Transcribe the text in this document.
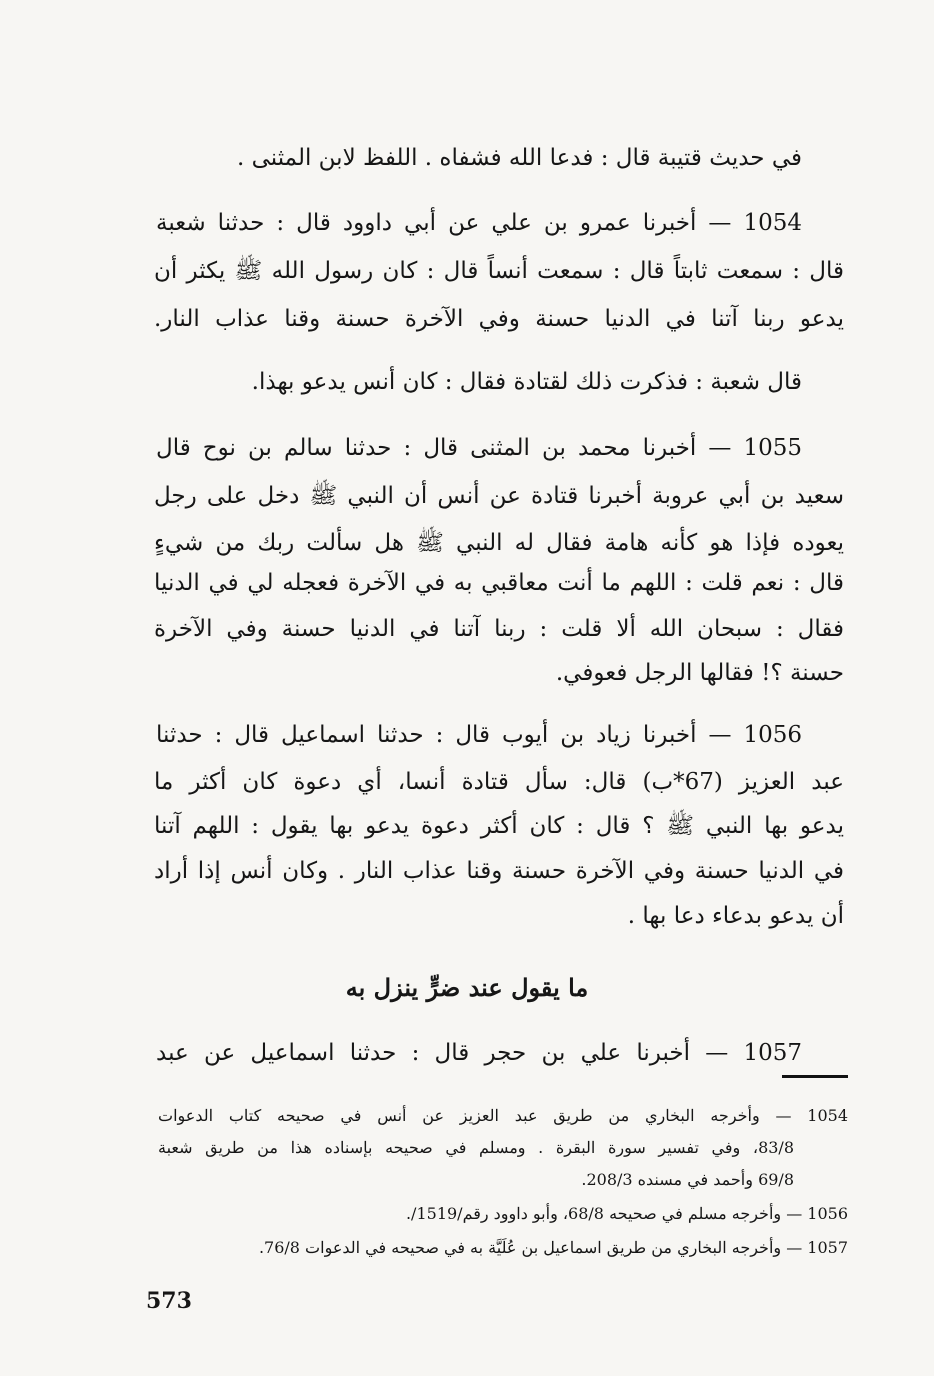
في حديث قتيبة قال : فدعا الله فشفاه . اللفظ لابن المثنى .
1054 — أخبرنا عمرو بن علي عن أبي داوود قال : حدثنا شعبة
قال : سمعت ثابتاً قال : سمعت أنساً قال : كان رسول الله ﷺ يكثر أن
يدعو ربنا آتنا في الدنيا حسنة وفي الآخرة حسنة وقنا عذاب النار.
قال شعبة : فذكرت ذلك لقتادة فقال : كان أنس يدعو بهذا.
1055 — أخبرنا محمد بن المثنى قال : حدثنا سالم بن نوح قال
سعيد بن أبي عروبة أخبرنا قتادة عن أنس أن النبي ﷺ دخل على رجل
يعوده فإذا هو كأنه هامة فقال له النبي ﷺ هل سألت ربك من شيءٍ
قال : نعم قلت : اللهم ما أنت معاقبي به في الآخرة فعجله لي في الدنيا
فقال : سبحان الله ألا قلت : ربنا آتنا في الدنيا حسنة وفي الآخرة
حسنة ؟! فقالها الرجل فعوفي.
1056 — أخبرنا زياد بن أيوب قال : حدثنا اسماعيل قال : حدثنا
عبد العزيز (67*ب) قال: سأل قتادة أنسا، أي دعوة كان أكثر ما
يدعو بها النبي ﷺ ؟ قال : كان أكثر دعوة يدعو بها يقول : اللهم آتنا
في الدنيا حسنة وفي الآخرة حسنة وقنا عذاب النار . وكان أنس إذا أراد
أن يدعو بدعاء دعا بها .
ما يقول عند ضرٍّ ينزل به
1057 — أخبرنا علي بن حجر قال : حدثنا اسماعيل عن عبد
1054 — وأخرجه البخاري من طريق عبد العزيز عن أنس في صحيحه كتاب الدعوات
83/8، وفي تفسير سورة البقرة . ومسلم في صحيحه بإسناده هذا من طريق شعبة
69/8 وأحمد في مسنده 208/3.
1056 — وأخرجه مسلم في صحيحه 68/8، وأبو داوود رقم/1519/.
1057 — وأخرجه البخاري من طريق اسماعيل بن عُلَيَّة به في صحيحه في الدعوات 76/8.
573
